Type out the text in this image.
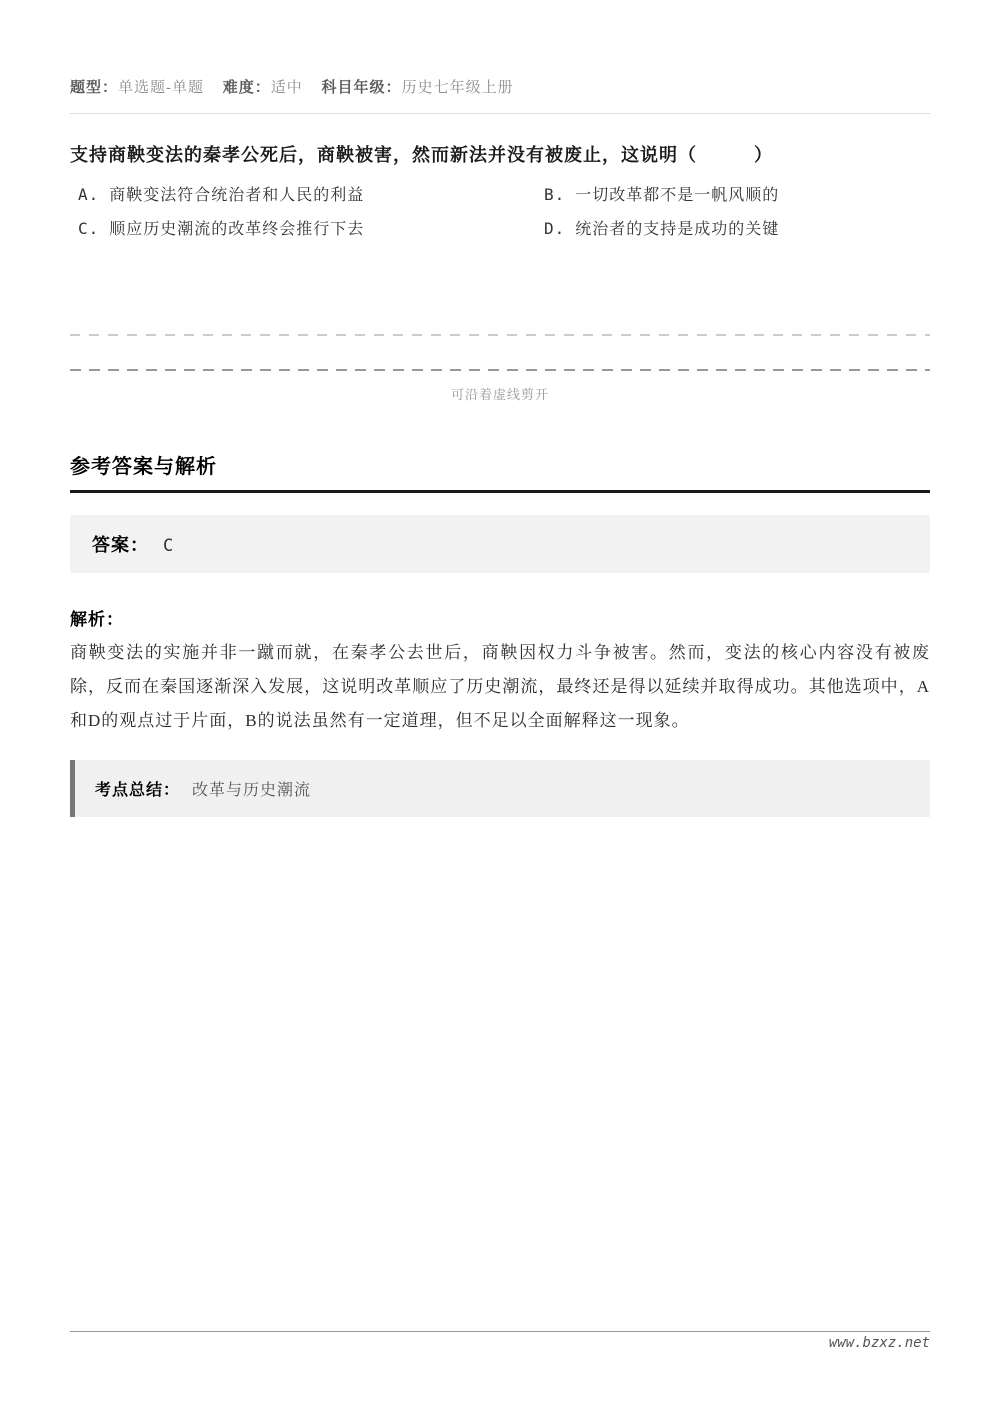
题型：单选题-单题 难度：适中 科目年级：历史七年级上册
支持商鞅变法的秦孝公死后，商鞅被害，然而新法并没有被废止，这说明（　　　）
A. 商鞅变法符合统治者和人民的利益	B. 一切改革都不是一帆风顺的
C. 顺应历史潮流的改革终会推行下去	D. 统治者的支持是成功的关键
可沿着虚线剪开
参考答案与解析
答案： C
解析：
商鞅变法的实施并非一蹴而就，在秦孝公去世后，商鞅因权力斗争被害。然而，变法的核心内容没有被废除，反而在秦国逐渐深入发展，这说明改革顺应了历史潮流，最终还是得以延续并取得成功。其他选项中，A和D的观点过于片面，B的说法虽然有一定道理，但不足以全面解释这一现象。
考点总结： 改革与历史潮流
www.bzxz.net
